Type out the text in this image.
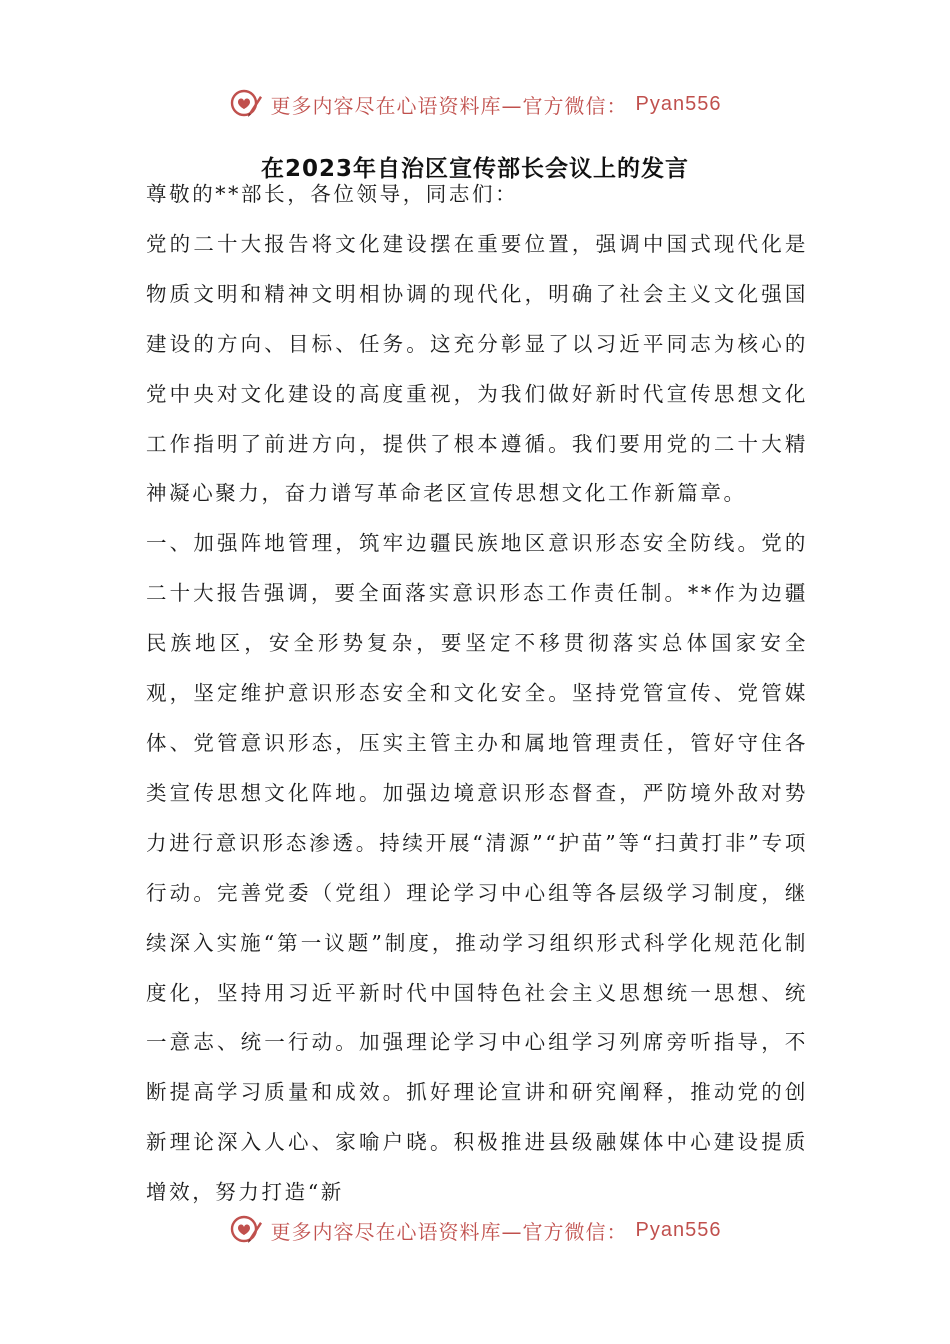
更多内容尽在心语资料库—官方微信： Pyan556
在2023年自治区宣传部长会议上的发言

尊敬的**部长，各位领导，同志们：

党的二十大报告将文化建设摆在重要位置，强调中国式现代化是物质文明和精神文明相协调的现代化，明确了社会主义文化强国建设的方向、目标、任务。这充分彰显了以习近平同志为核心的党中央对文化建设的高度重视，为我们做好新时代宣传思想文化工作指明了前进方向，提供了根本遵循。我们要用党的二十大精神凝心聚力，奋力谱写革命老区宣传思想文化工作新篇章。

一、加强阵地管理，筑牢边疆民族地区意识形态安全防线。党的二十大报告强调，要全面落实意识形态工作责任制。**作为边疆民族地区，安全形势复杂，要坚定不移贯彻落实总体国家安全观，坚定维护意识形态安全和文化安全。坚持党管宣传、党管媒体、党管意识形态，压实主管主办和属地管理责任，管好守住各类宣传思想文化阵地。加强边境意识形态督查，严防境外敌对势力进行意识形态渗透。持续开展“清源”“护苗”等“扫黄打非”专项行动。完善党委（党组）理论学习中心组等各层级学习制度，继续深入实施“第一议题”制度，推动学习组织形式科学化规范化制度化，坚持用习近平新时代中国特色社会主义思想统一思想、统一意志、统一行动。加强理论学习中心组学习列席旁听指导，不断提高学习质量和成效。抓好理论宣讲和研究阐释，推动党的创新理论深入人心、家喻户晓。积极推进县级融媒体中心建设提质增效，努力打造“新

更多内容尽在心语资料库—官方微信： Pyan556
